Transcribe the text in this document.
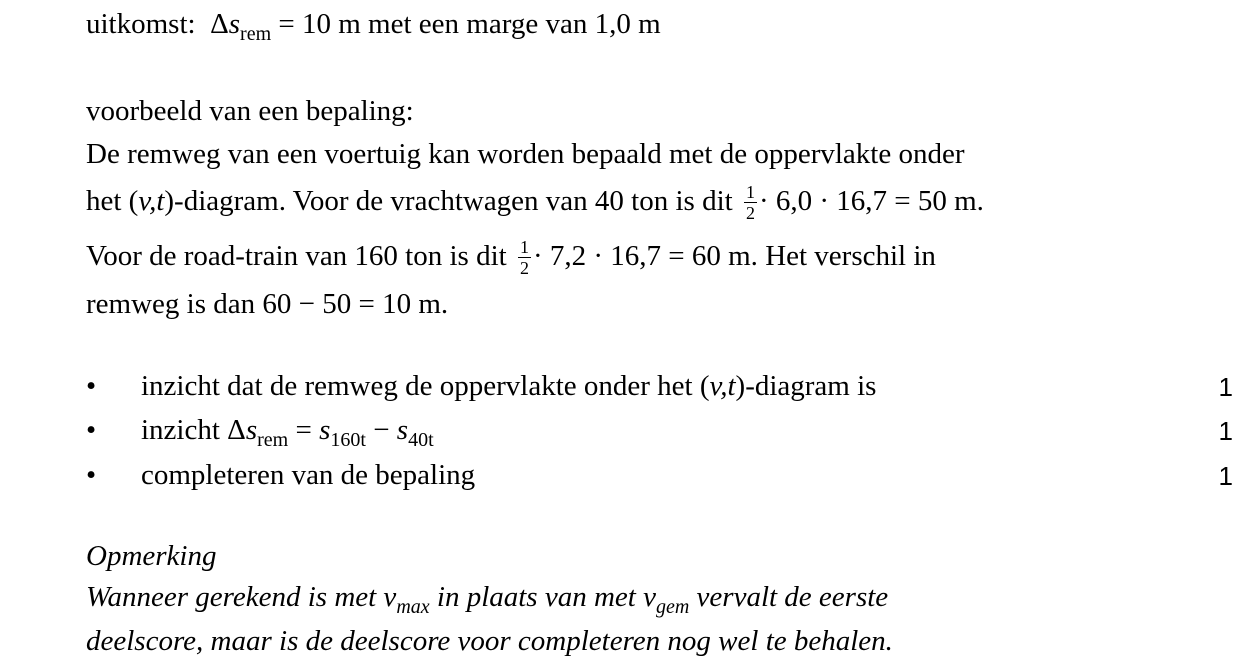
uitkomst: $\Delta s_{rem} = 10$ m met een marge van 1,0 m
voorbeeld van een bepaling:
De remweg van een voertuig kan worden bepaald met de oppervlakte onder
het (v,t)-diagram. Voor de vrachtwagen van 40 ton is dit $\frac{1}{2} \cdot 6,0 \cdot 16,7 = 50$ m.
Voor de road-train van 160 ton is dit $\frac{1}{2} \cdot 7,2 \cdot 16,7 = 60$ m. Het verschil in
remweg is dan 60 − 50 = 10 m.
• inzicht dat de remweg de oppervlakte onder het (v,t)-diagram is	1
• inzicht $\Delta s_{rem} = s_{160t} - s_{40t}$	1
• completeren van de bepaling	1
Opmerking
Wanneer gerekend is met $v_{max}$ in plaats van met $v_{gem}$ vervalt de eerste
deelscore, maar is de deelscore voor completeren nog wel te behalen.
